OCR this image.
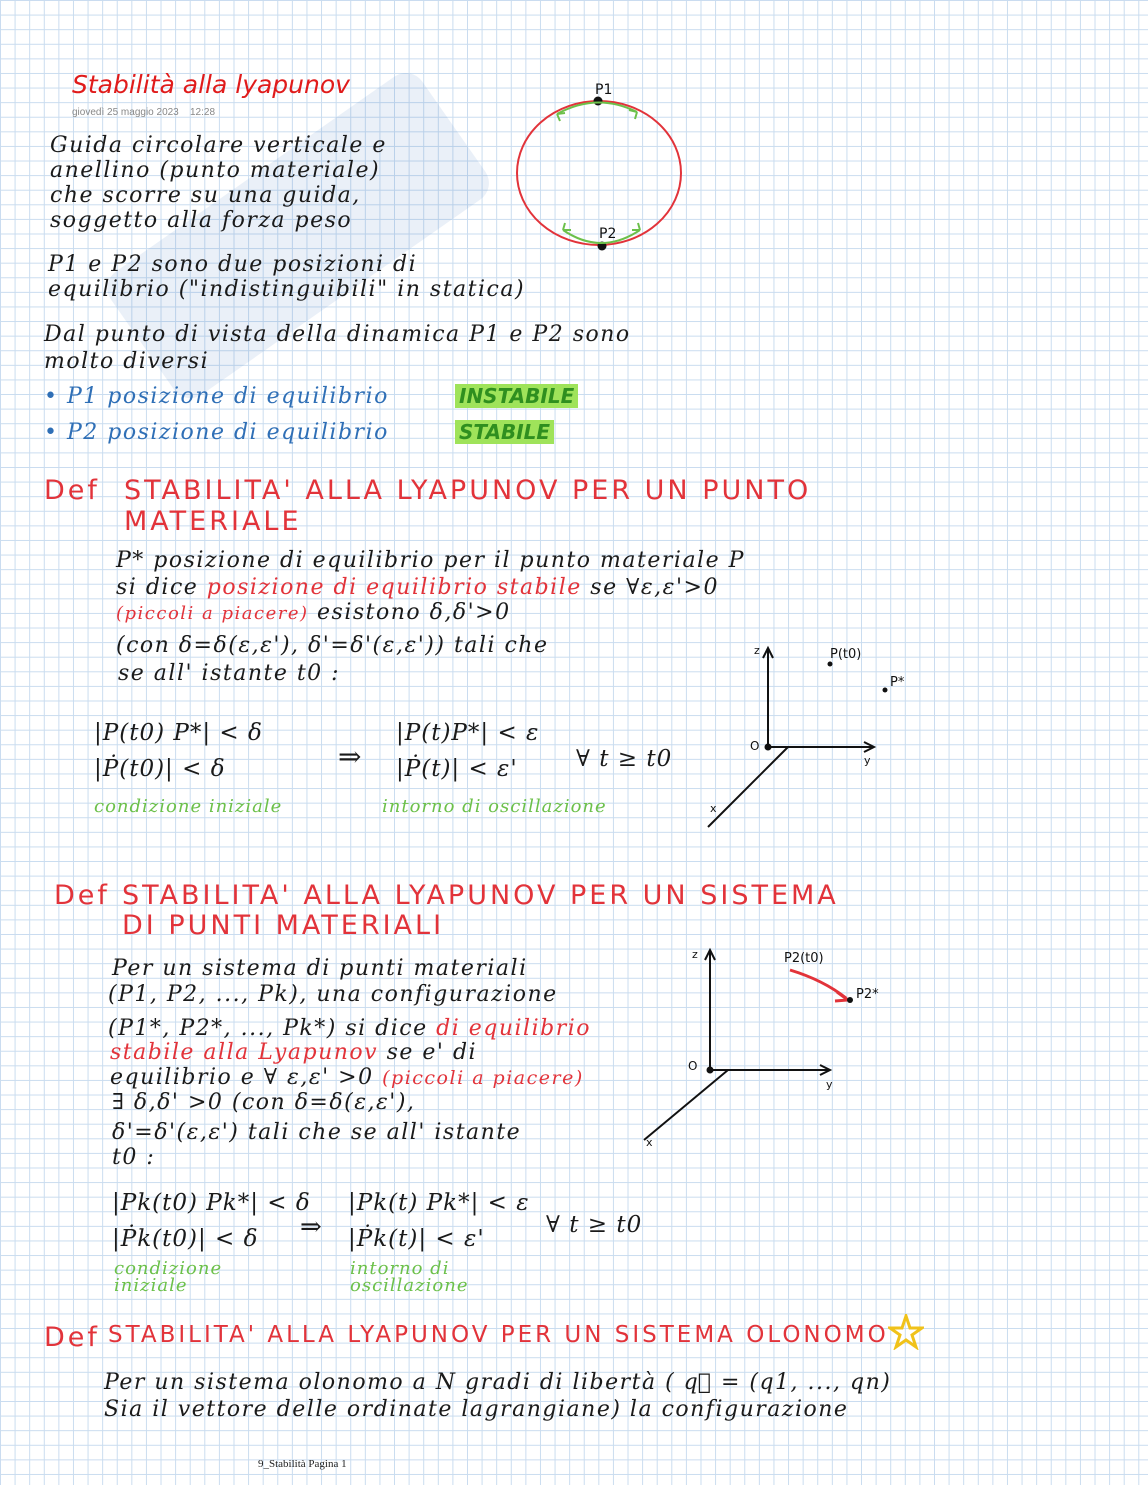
Stabilità alla lyapunov
giovedì 25 maggio 2023 12:28
Guida circolare verticale e
anellino (punto materiale)
che scorre su una guida,
soggetto alla forza peso
P1
P2
P1 e P2 sono due posizioni di
equilibrio ("indistinguibili" in statica)
Dal punto di vista della dinamica P1 e P2 sono
molto diversi
• P1 posizione di equilibrio	INSTABILE
• P2 posizione di equilibrio	STABILE
Def STABILITA' ALLA LYAPUNOV PER UN PUNTO
MATERIALE
P* posizione di equilibrio per il punto materiale P
si dice posizione di equilibrio stabile se ∀ε,ε'>0
(piccoli a piacere) esistono δ,δ'>0
(con δ=δ(ε,ε'), δ'=δ'(ε,ε')) tali che
se all' istante t0 :
|P(t0) P*| < δ
|Ṗ(t0)| < δ	⇒
|P(t)P*| < ε
|Ṗ(t)| < ε'	∀ t ≥ t0
condizione iniziale	intorno di oscillazione
z
y
x
O
P(t0)
P*
Def STABILITA' ALLA LYAPUNOV PER UN SISTEMA
DI PUNTI MATERIALI
Per un sistema di punti materiali
(P1, P2, ..., Pk), una configurazione
(P1*, P2*, ..., Pk*) si dice di equilibrio
stabile alla Lyapunov se e' di
equilibrio e ∀ ε,ε' >0 (piccoli a piacere)
∃ δ,δ' >0 (con δ=δ(ε,ε'),
δ'=δ'(ε,ε') tali che se all' istante
t0 :
|Pk(t0) Pk*| < δ
|Ṗk(t0)| < δ ⇒
|Pk(t) Pk*| < ε
|Ṗk(t)| < ε'
∀ t ≥ t0
condizione
iniziale
intorno di
oscillazione
z
y
x
O
P2(t0)
P2*
Def STABILITA' ALLA LYAPUNOV PER UN SISTEMA OLONOMO
Per un sistema olonomo a N gradi di libertà ( q⃗ = (q1, ..., qn)
Sia il vettore delle ordinate lagrangiane) la configurazione
9_Stabilità Pagina 1
